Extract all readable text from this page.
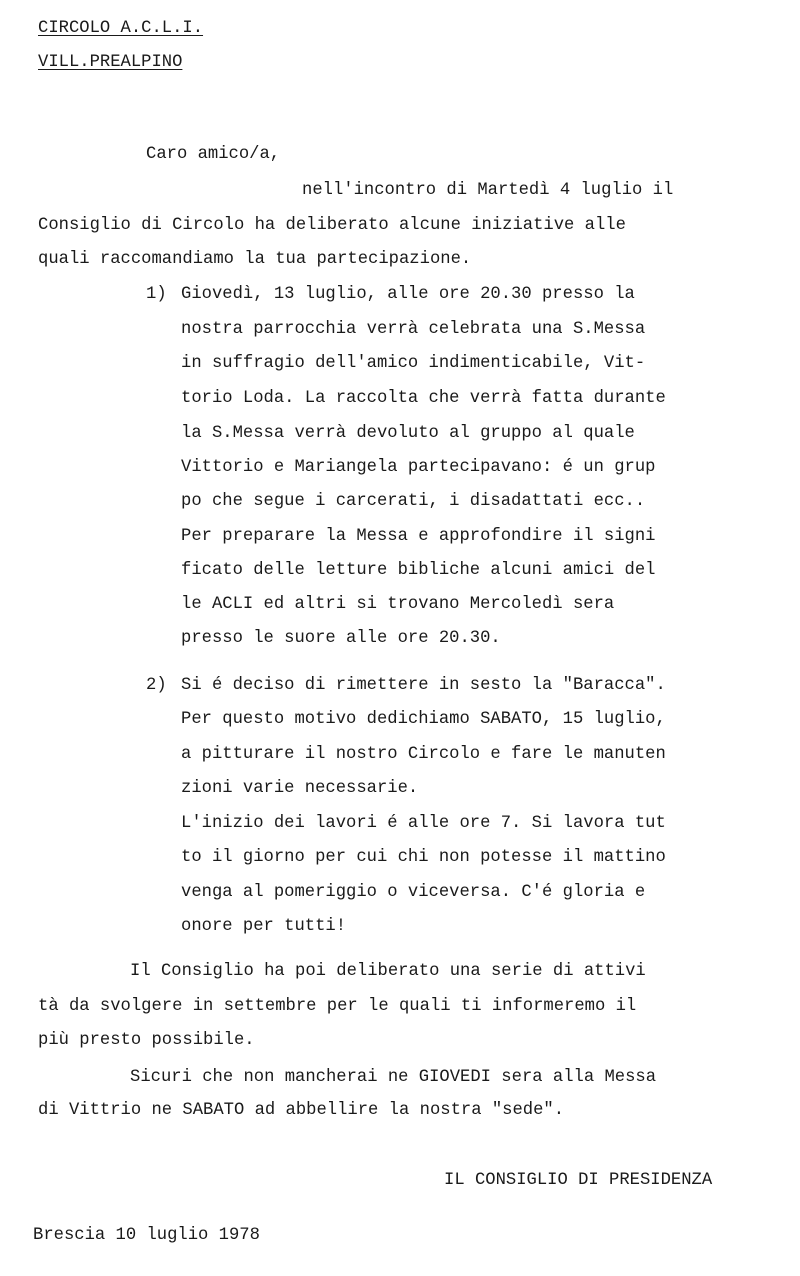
CIRCOLO A.C.L.I.
VILL.PREALPINO
Caro amico/a,
nell'incontro di Martedì 4 luglio il
Consiglio di Circolo ha deliberato alcune iniziative alle
quali raccomandiamo la tua partecipazione.
1) Giovedì, 13 luglio, alle ore 20.30 presso la
nostra parrocchia verrà celebrata una S.Messa
in suffragio dell'amico indimenticabile, Vit-
torio Loda. La raccolta che verrà fatta durante
la S.Messa verrà devoluto al gruppo al quale
Vittorio e Mariangela partecipavano: é un grup
po che segue i carcerati, i disadattati ecc..
Per preparare la Messa e approfondire il signi
ficato delle letture bibliche alcuni amici del
le ACLI ed altri si trovano Mercoledì sera
presso le suore alle ore 20.30.
2) Si é deciso di rimettere in sesto la "Baracca".
Per questo motivo dedichiamo SABATO, 15 luglio,
a pitturare il nostro Circolo e fare le manuten
zioni varie necessarie.
L'inizio dei lavori é alle ore 7. Si lavora tut
to il giorno per cui chi non potesse il mattino
venga al pomeriggio o viceversa. C'é gloria e
onore per tutti!
Il Consiglio ha poi deliberato una serie di attivi
tà da svolgere in settembre per le quali ti informeremo il
più presto possibile.
Sicuri che non mancherai ne GIOVEDI sera alla Messa
di Vittrio ne SABATO ad abbellire la nostra "sede".
IL CONSIGLIO DI PRESIDENZA
Brescia 10 luglio 1978
